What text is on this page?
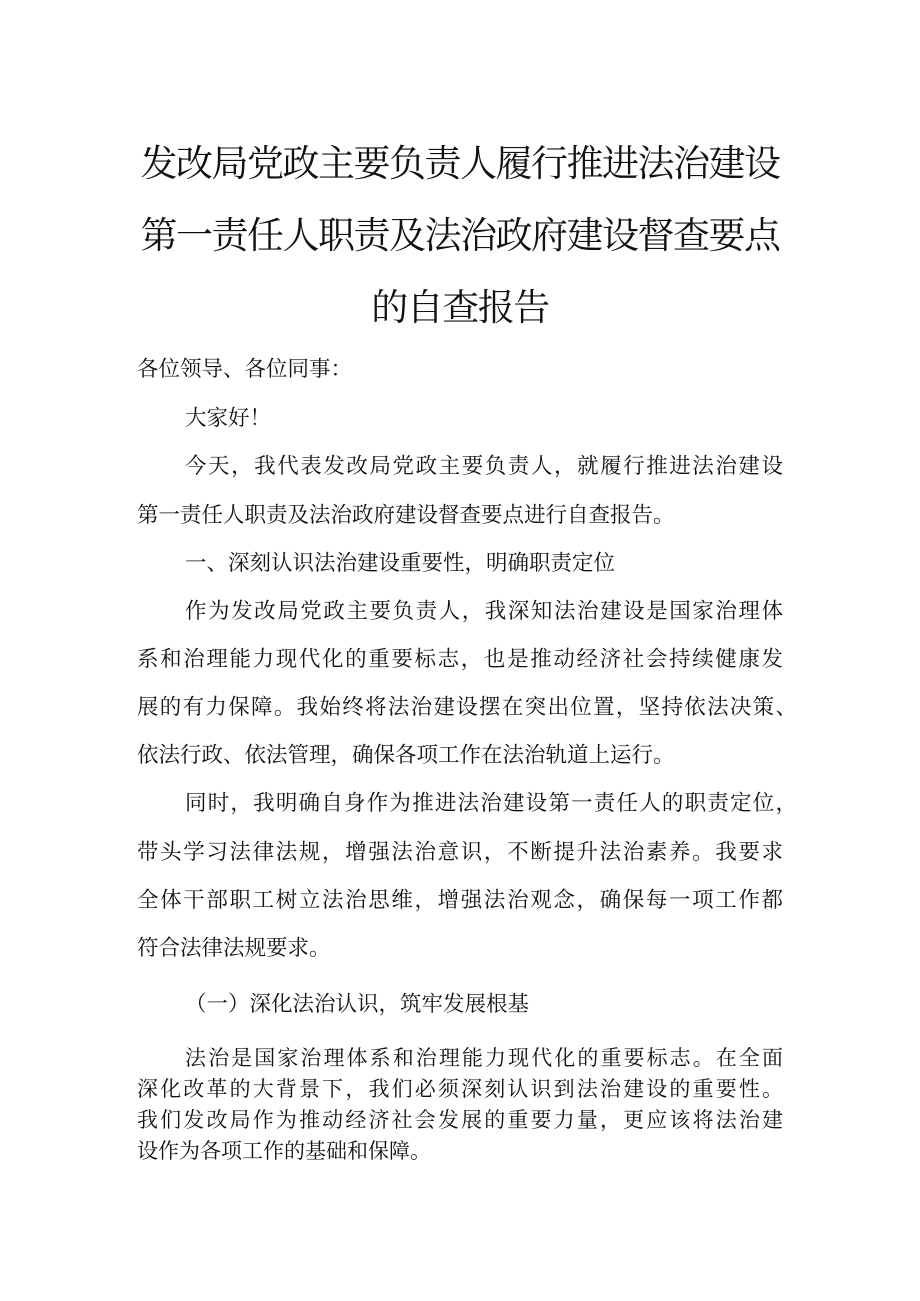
发改局党政主要负责人履行推进法治建设
第一责任人职责及法治政府建设督查要点
的自查报告
各位领导、各位同事：
大家好！
今天，我代表发改局党政主要负责人，就履行推进法治建设
第一责任人职责及法治政府建设督查要点进行自查报告。
一、深刻认识法治建设重要性，明确职责定位
作为发改局党政主要负责人，我深知法治建设是国家治理体
系和治理能力现代化的重要标志，也是推动经济社会持续健康发
展的有力保障。我始终将法治建设摆在突出位置，坚持依法决策、
依法行政、依法管理，确保各项工作在法治轨道上运行。
同时，我明确自身作为推进法治建设第一责任人的职责定位，
带头学习法律法规，增强法治意识，不断提升法治素养。我要求
全体干部职工树立法治思维，增强法治观念，确保每一项工作都
符合法律法规要求。
（一）深化法治认识，筑牢发展根基
法治是国家治理体系和治理能力现代化的重要标志。在全面
深化改革的大背景下，我们必须深刻认识到法治建设的重要性。
我们发改局作为推动经济社会发展的重要力量，更应该将法治建
设作为各项工作的基础和保障。
